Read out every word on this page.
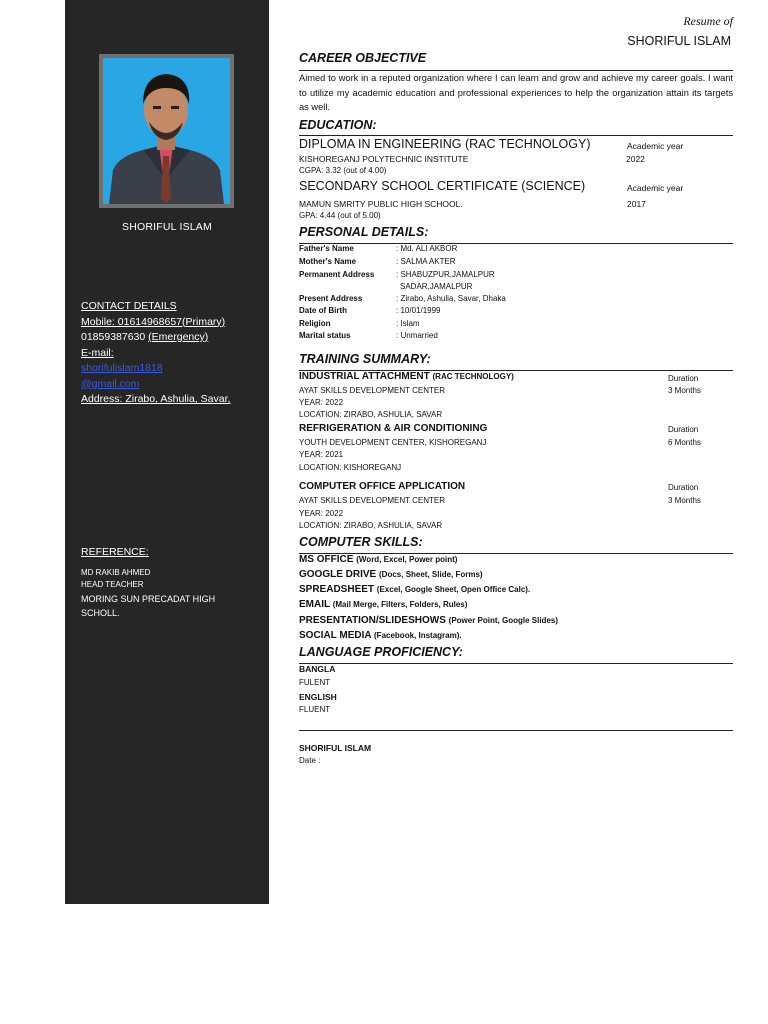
SHORIFUL ISLAM
CONTACT DETAILS
Mobile: 01614968657(Primary)
01859387630 (Emergency)
E-mail:
shorifulislam1818
@gmail.com
Address: Zirabo, Ashulia, Savar,
REFERENCE:
MD RAKIB AHMED
HEAD TEACHER
MORING SUN PRECADAT HIGH
SCHOLL.
Resume of
SHORIFUL ISLAM
CAREER OBJECTIVE
Aimed to work in a reputed organization where I can learn and grow and achieve my career goals. I want to utilize my academic education and professional experiences to help the organization attain its targets as well.
EDUCATION:
DIPLOMA IN ENGINEERING (RAC TECHNOLOGY)	Academic year
KISHOREGANJ POLYTECHNIC INSTITUTE	2022
CGPA: 3.32 (out of 4.00)
SECONDARY SCHOOL CERTIFICATE (SCIENCE)	Academic year
MAMUN SMRITY PUBLIC HIGH SCHOOL.	2017
GPA: 4.44 (out of 5.00)
PERSONAL DETAILS:
Father's Name	: Md. ALI AKBOR
Mother's Name	: SALMA AKTER
Permanent Address	: SHABUZPUR,JAMALPUR
SADAR,JAMALPUR
Present Address	: Zirabo, Ashulia, Savar, Dhaka
Date of Birth	: 10/01/1999
Religion	: Islam
Marital status	: Unmarried
TRAINING SUMMARY:
INDUSTRIAL ATTACHMENT (RAC TECHNOLOGY)	Duration
AYAT SKILLS DEVELOPMENT CENTER	3 Months
YEAR: 2022
LOCATION: ZIRABO, ASHULIA, SAVAR
REFRIGERATION & AIR CONDITIONING	Duration
YOUTH DEVELOPMENT CENTER, KISHOREGANJ	6 Months
YEAR: 2021
LOCATION: KISHOREGANJ
COMPUTER OFFICE APPLICATION	Duration
AYAT SKILLS DEVELOPMENT CENTER	3 Months
YEAR: 2022
LOCATION: ZIRABO, ASHULIA, SAVAR
COMPUTER SKILLS:
MS OFFICE (Word, Excel, Power point)
GOOGLE DRIVE (Docs, Sheet, Slide, Forms)
SPREADSHEET (Excel, Google Sheet, Open Office Calc).
EMAIL (Mail Merge, Filters, Folders, Rules)
PRESENTATION/SLIDESHOWS (Power Point, Google Slides)
SOCIAL MEDIA (Facebook, Instagram).
LANGUAGE PROFICIENCY:
BANGLA
FULENT
ENGLISH
FLUENT
SHORIFUL ISLAM
Date :
